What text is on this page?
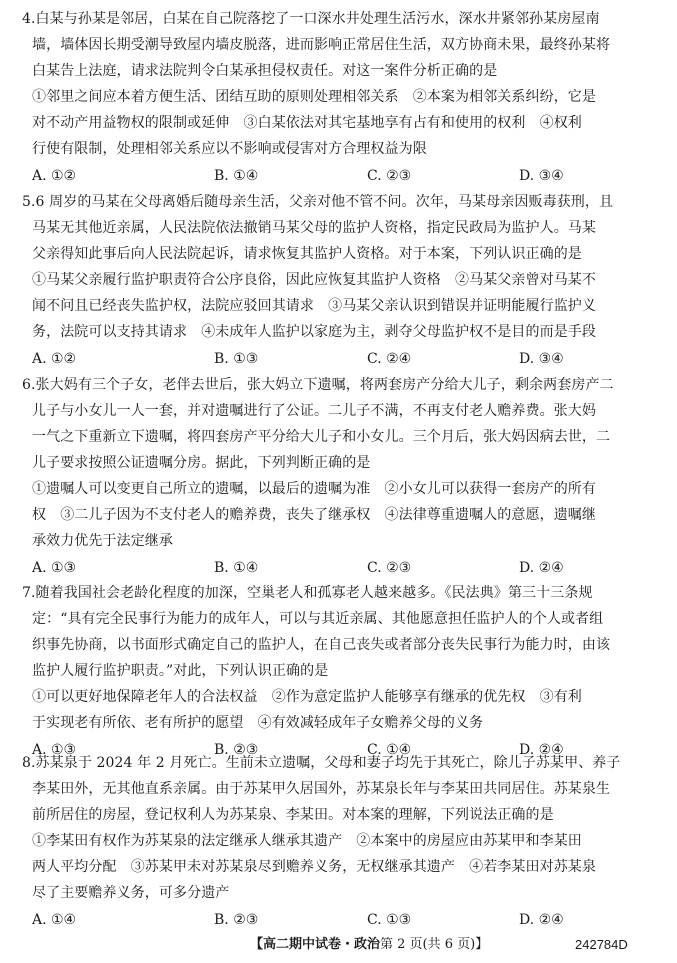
4.白某与孙某是邻居，白某在自己院落挖了一口深水井处理生活污水，深水井紧邻孙某房屋南
墙，墙体因长期受潮导致屋内墙皮脱落，进而影响正常居住生活，双方协商未果，最终孙某将
白某告上法庭，请求法院判令白某承担侵权责任。对这一案件分析正确的是
①邻里之间应本着方便生活、团结互助的原则处理相邻关系　②本案为相邻关系纠纷，它是
对不动产用益物权的限制或延伸　③白某依法对其宅基地享有占有和使用的权利　④权利
行使有限制，处理相邻关系应以不影响或侵害对方合理权益为限
A. ①②	B. ①④	C. ②③	D. ③④
5.6 周岁的马某在父母离婚后随母亲生活，父亲对他不管不问。次年，马某母亲因贩毒获刑，且
马某无其他近亲属，人民法院依法撤销马某父母的监护人资格，指定民政局为监护人。马某
父亲得知此事后向人民法院起诉，请求恢复其监护人资格。对于本案，下列认识正确的是
①马某父亲履行监护职责符合公序良俗，因此应恢复其监护人资格　②马某父亲曾对马某不
闻不问且已经丧失监护权，法院应驳回其请求　③马某父亲认识到错误并证明能履行监护义
务，法院可以支持其请求　④未成年人监护以家庭为主，剥夺父母监护权不是目的而是手段
A. ①②	B. ①③	C. ②④	D. ③④
6.张大妈有三个子女，老伴去世后，张大妈立下遗嘱，将两套房产分给大儿子，剩余两套房产二
儿子与小女儿一人一套，并对遗嘱进行了公证。二儿子不满，不再支付老人赡养费。张大妈
一气之下重新立下遗嘱，将四套房产平分给大儿子和小女儿。三个月后，张大妈因病去世，二
儿子要求按照公证遗嘱分房。据此，下列判断正确的是
①遗嘱人可以变更自己所立的遗嘱，以最后的遗嘱为准　②小女儿可以获得一套房产的所有
权　③二儿子因为不支付老人的赡养费，丧失了继承权　④法律尊重遗嘱人的意愿，遗嘱继
承效力优先于法定继承
A. ①③	B. ①④	C. ②③	D. ②④
7.随着我国社会老龄化程度的加深，空巢老人和孤寡老人越来越多。《民法典》第三十三条规
定：“具有完全民事行为能力的成年人，可以与其近亲属、其他愿意担任监护人的个人或者组
织事先协商，以书面形式确定自己的监护人，在自己丧失或者部分丧失民事行为能力时，由该
监护人履行监护职责。”对此，下列认识正确的是
①可以更好地保障老年人的合法权益　②作为意定监护人能够享有继承的优先权　③有利
于实现老有所依、老有所护的愿望　④有效减轻成年子女赡养父母的义务
A. ①③	B. ②③	C. ①④	D. ②④
8.苏某泉于 2024 年 2 月死亡。生前未立遗嘱，父母和妻子均先于其死亡，除儿子苏某甲、养子
李某田外，无其他直系亲属。由于苏某甲久居国外，苏某泉长年与李某田共同居住。苏某泉生
前所居住的房屋，登记权利人为苏某泉、李某田。对本案的理解，下列说法正确的是
①李某田有权作为苏某泉的法定继承人继承其遗产　②本案中的房屋应由苏某甲和李某田
两人平均分配　③苏某甲未对苏某泉尽到赡养义务，无权继承其遗产　④若李某田对苏某泉
尽了主要赡养义务，可多分遗产
A. ①④	B. ②③	C. ①③	D. ②④
【高二期中试卷・政治 第 2 页(共 6 页)】	242784D
